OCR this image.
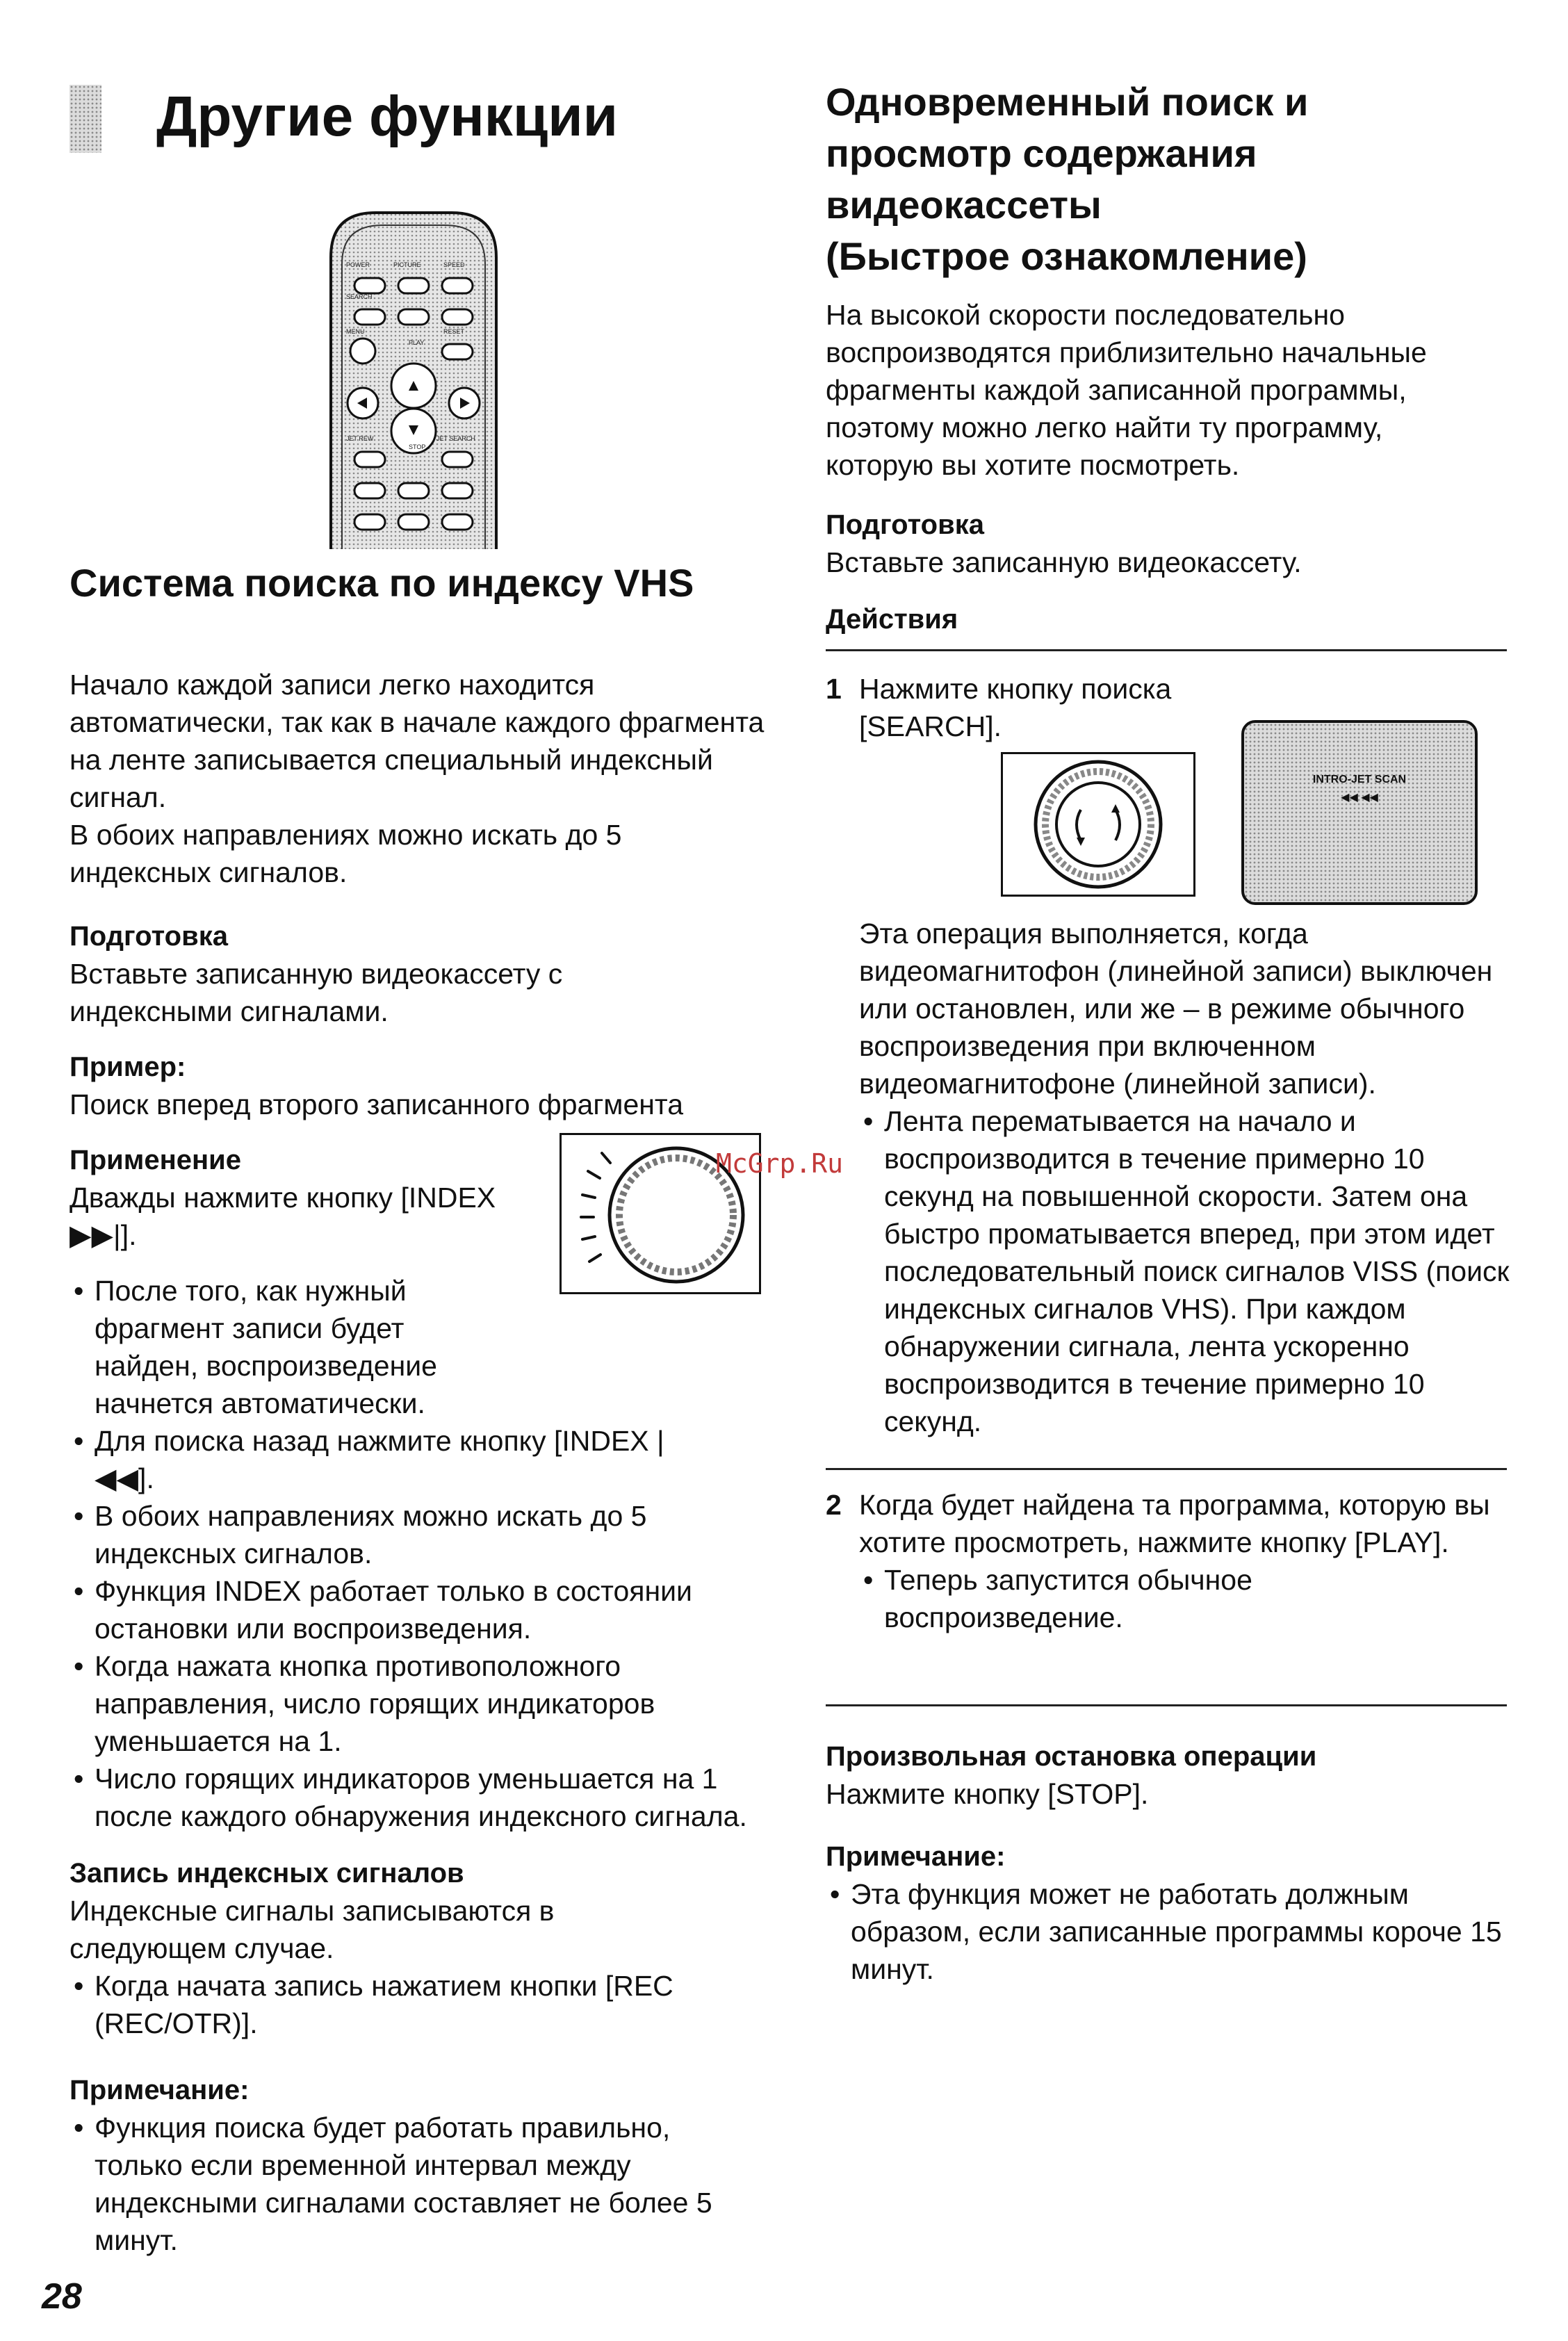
Другие функции
Система поиска по индексу VHS

Начало каждой записи легко находится автоматически, так как в начале каждого фрагмента на ленте записывается специальный индексный сигнал.

В обоих направлениях можно искать до 5 индексных сигналов.

Подготовка

Вставьте записанную видеокассету с индексными сигналами.

Пример:

Поиск вперед второго записанного фрагмента

Применение

Дважды нажмите кнопку [INDEX ▶▶|].

• После того, как нужный фрагмент записи будет найден, воспроизведение начнется автоматически.
• Для поиска назад нажмите кнопку [INDEX |◀◀].
• В обоих направлениях можно искать до 5 индексных сигналов.
• Функция INDEX работает только в состоянии остановки или воспроизведения.
• Когда нажата кнопка противоположного направления, число горящих индикаторов уменьшается на 1.
• Число горящих индикаторов уменьшается на 1 после каждого обнаружения индексного сигнала.

Запись индексных сигналов

Индексные сигналы записываются в следующем случае.

• Когда начата запись нажатием кнопки [REC (REC/OTR)].

Примечание:

• Функция поиска будет работать правильно, только если временной интервал между индексными сигналами составляет не более 5 минут.
28
McGrp.Ru
Одновременный поиск и
просмотр содержания
видеокассеты
(Быстрое ознакомление)

На высокой скорости последовательно воспроизводятся приблизительно начальные фрагменты каждой записанной программы, поэтому можно легко найти ту программу, которую вы хотите посмотреть.

Подготовка

Вставьте записанную видеокассету.

Действия

1 Нажмите кнопку поиска [SEARCH].

INTRO-JET SCAN
◀◀ ◀◀

Эта операция выполняется, когда видеомагнитофон (линейной записи) выключен или остановлен, или же – в режиме обычного воспроизведения при включенном видеомагнитофоне (линейной записи).

• Лента перематывается на начало и воспроизводится в течение примерно 10 секунд на повышенной скорости. Затем она быстро проматывается вперед, при этом идет последовательный поиск сигналов VISS (поиск индексных сигналов VHS). При каждом обнаружении сигнала, лента ускоренно воспроизводится в течение примерно 10 секунд.
2 Когда будет найдена та программа, которую вы хотите просмотреть, нажмите кнопку [PLAY].

• Теперь запустится обычное воспроизведение.

Произвольная остановка операции

Нажмите кнопку [STOP].

Примечание:

• Эта функция может не работать должным образом, если записанные программы короче 15 минут.
POWER	PICTURE	SPEED
SEARCH
RESET
PLAY
STOP
MENU
JET REW	JET SEARCH
